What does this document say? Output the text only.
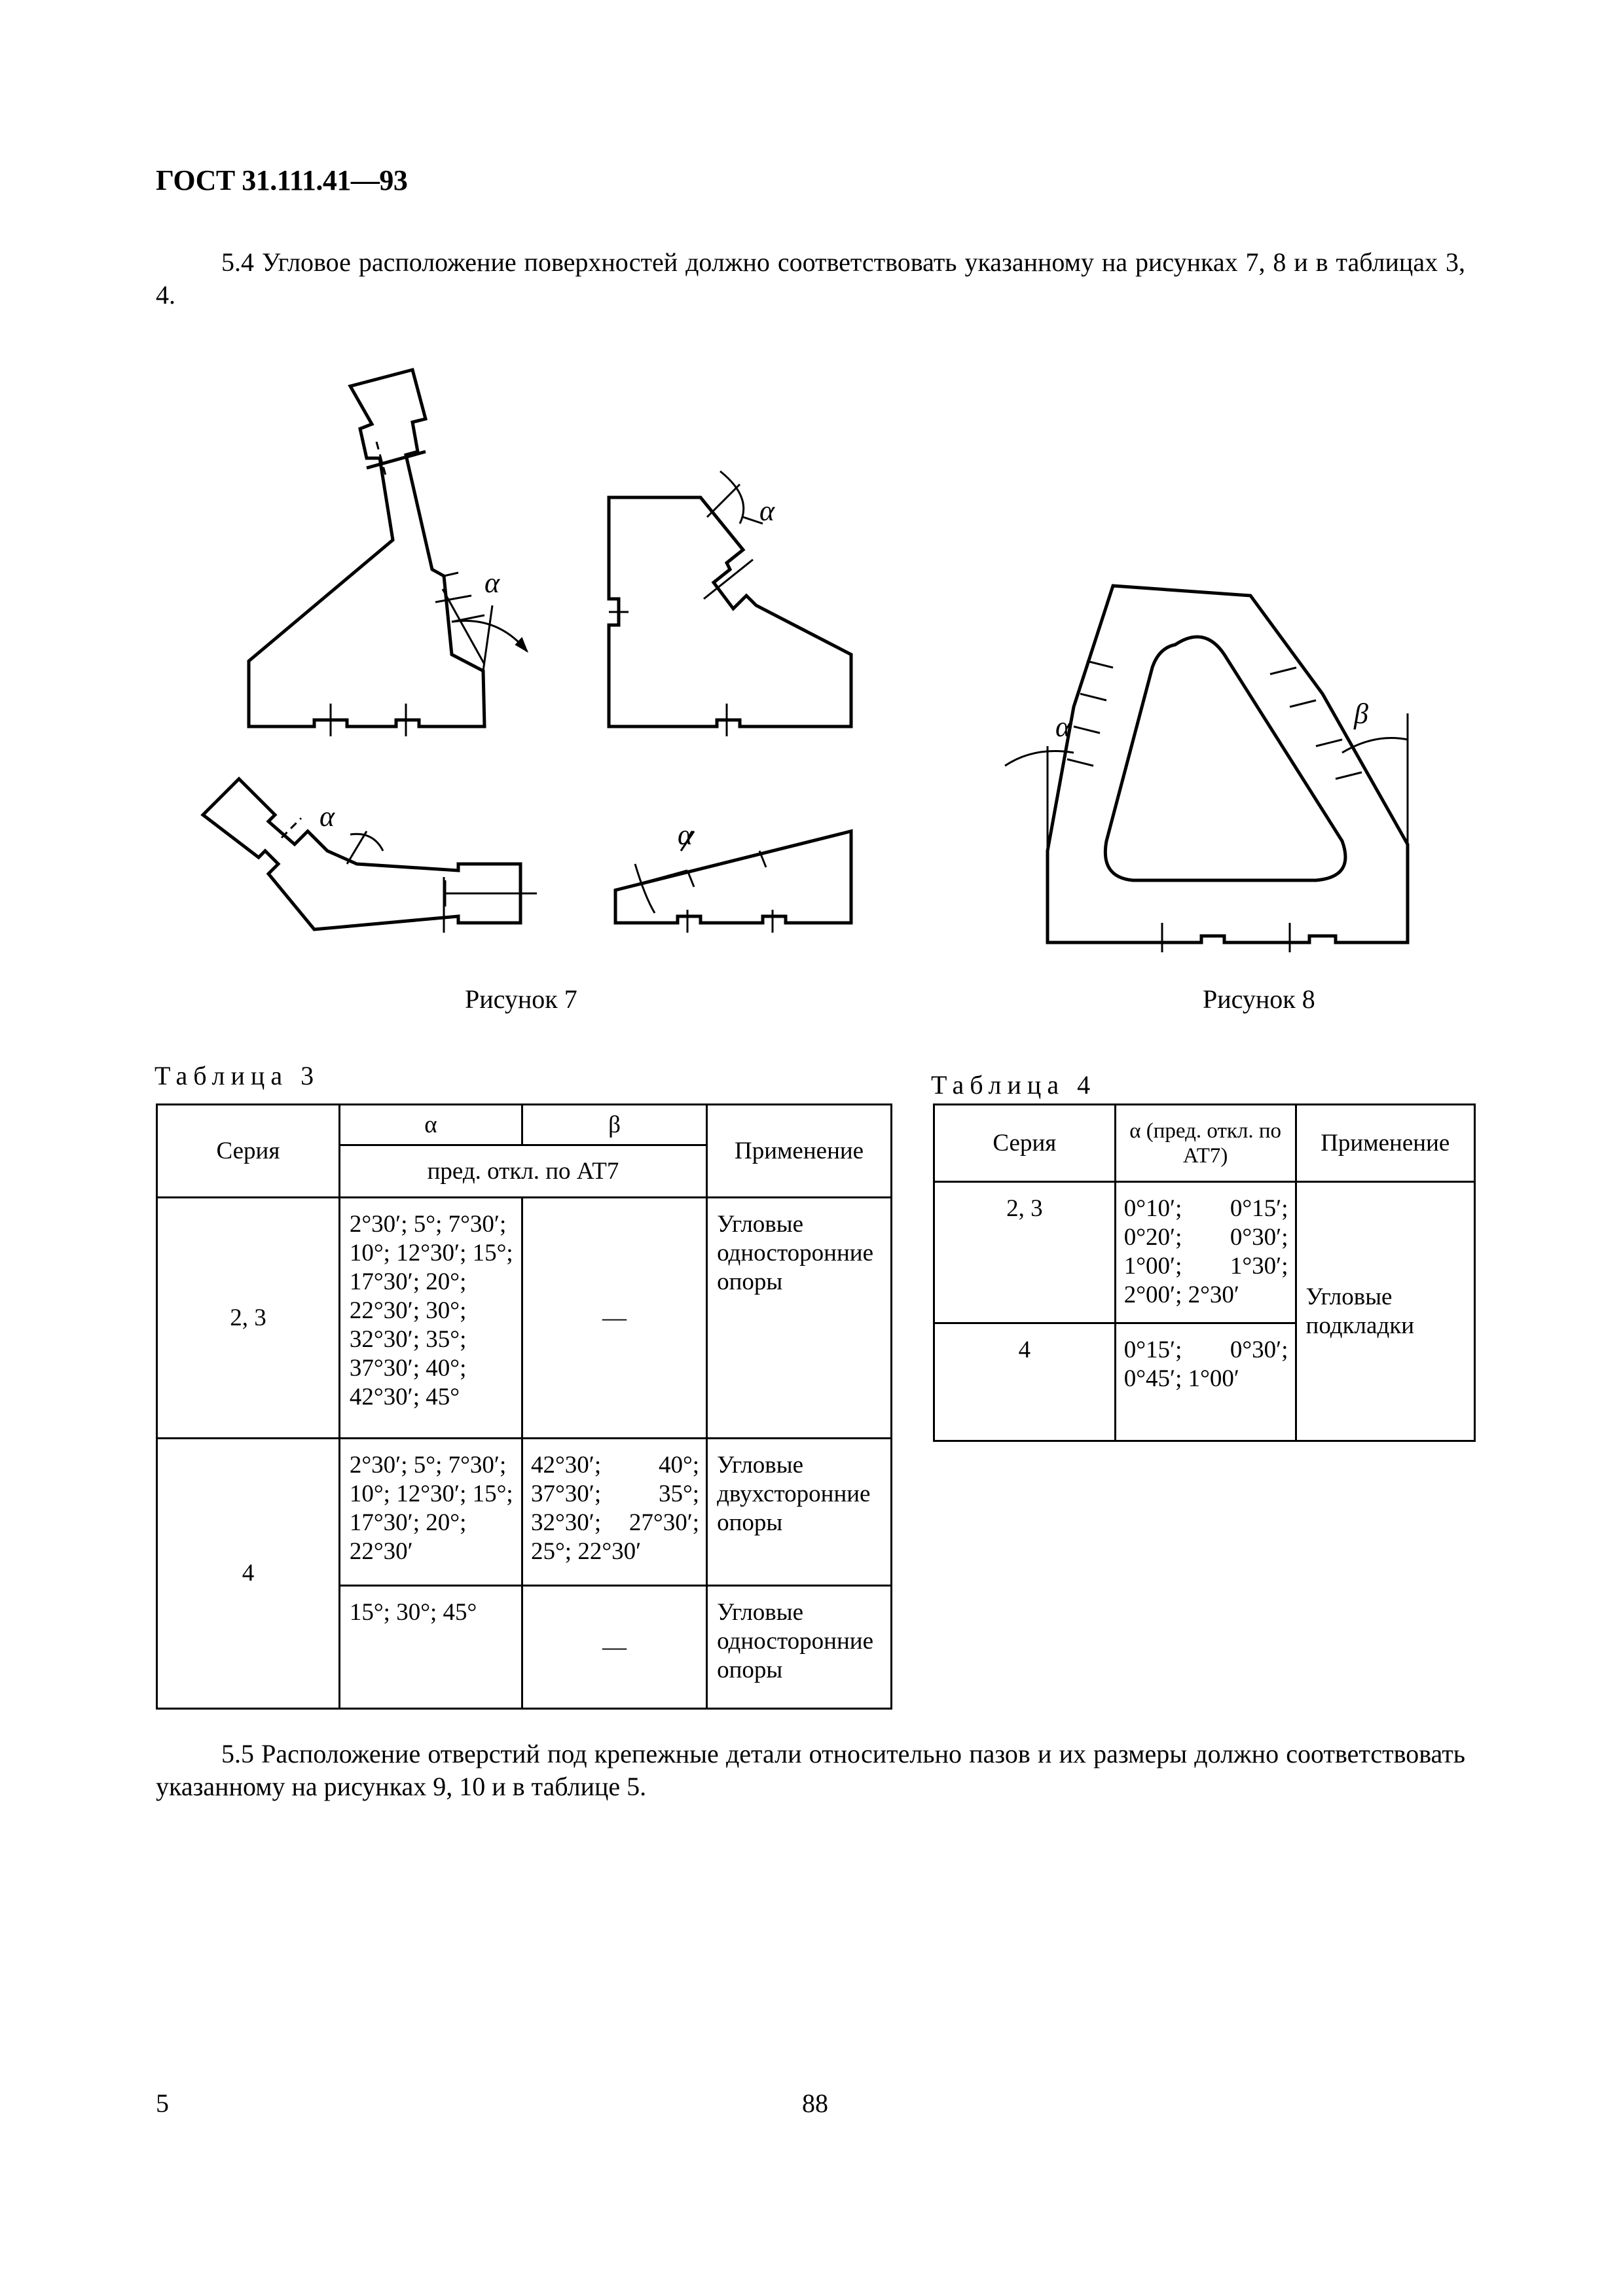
ГОСТ 31.111.41—93
5.4 Угловое расположение поверхностей должно соответствовать указанному на рисунках 7, 8 и в таблицах 3, 4.
α
α
α
α
α	β
Рисунок 7	Рисунок 8
Таблица 3	Таблица 4
Серия	α	β	Применение
	пред. откл. по АТ7		
2, 3	2°30′; 5°; 7°30′; 10°; 12°30′; 15°; 17°30′; 20°; 22°30′; 30°; 32°30′; 35°; 37°30′; 40°; 42°30′; 45°	—	Угловые односторонние опоры

4	2°30′; 5°; 7°30′; 10°; 12°30′; 15°; 17°30′; 20°; 22°30′	42°30′; 40°; 37°30′; 35°; 32°30′; 27°30′; 25°; 22°30′	Угловые двухсторонние опоры

	15°; 30°; 45°	—	Угловые односторонние опоры
Серия	α (пред. откл. по АТ7)	Применение
2, 3	0°10′; 0°15′; 0°20′; 0°30′; 1°00′; 1°30′; 2°00′; 2°30′	Угловые подкладки

4	0°15′; 0°30′; 0°45′; 1°00′	
5.5 Расположение отверстий под крепежные детали относительно пазов и их размеры должно соответствовать указанному на рисунках 9, 10 и в таблице 5.
5	88
